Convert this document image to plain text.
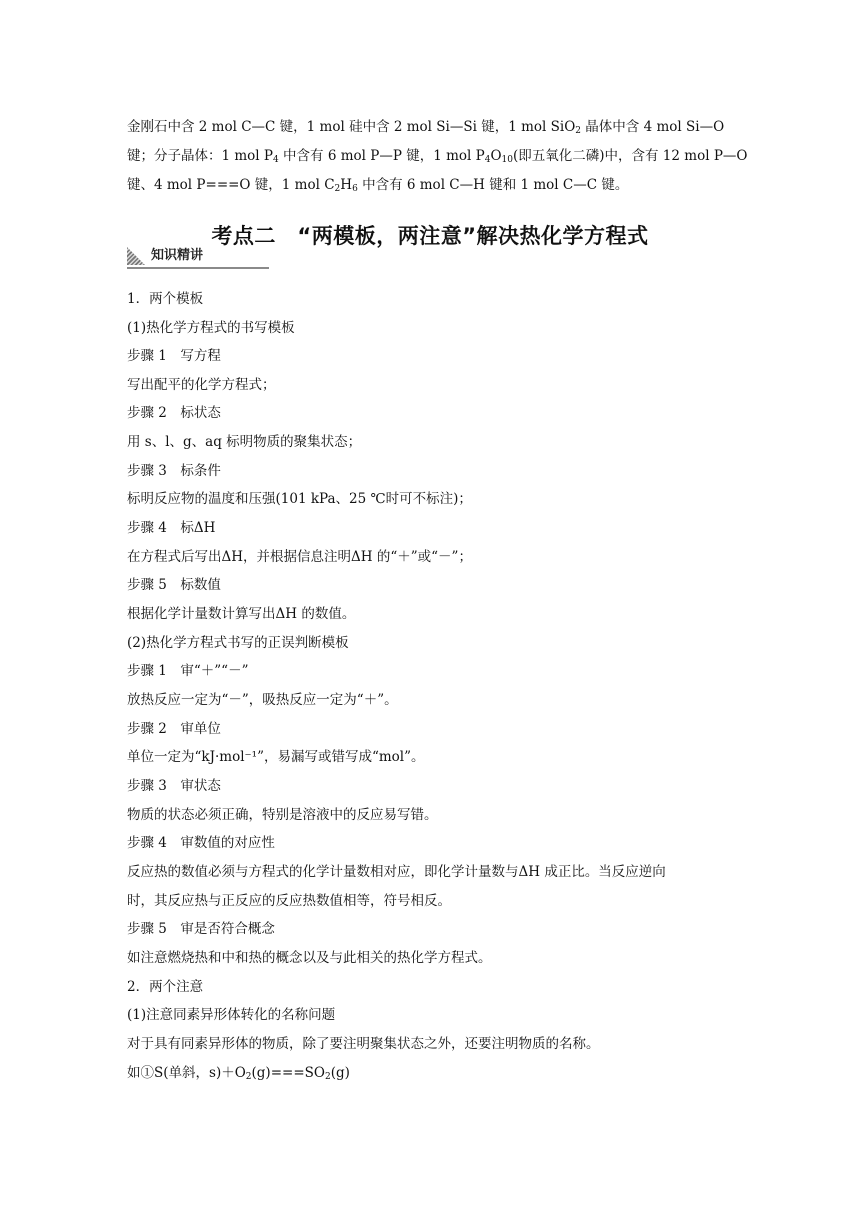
金刚石中含 2 mol C—C 键，1 mol 硅中含 2 mol Si—Si 键，1 mol SiO$_2$ 晶体中含 4 mol Si—O
键；分子晶体：1 mol $P_4$ 中含有 6 mol P—P 键，1 mol $P_4O_{10}$(即五氧化二磷)中，含有 12 mol P—O
键、4 mol P===O 键，1 mol $C_2H_6$ 中含有 6 mol C—H 键和 1 mol C—C 键。
考点二　“两模板，两注意”解决热化学方程式
知识精讲
1．两个模板
(1)热化学方程式的书写模板
步骤 1　写方程
写出配平的化学方程式；
步骤 2　标状态
用 s、l、g、aq 标明物质的聚集状态；
步骤 3　标条件
标明反应物的温度和压强(101 kPa、25 ℃时可不标注)；
步骤 4　标ΔH
在方程式后写出ΔH，并根据信息注明ΔH 的“＋”或“－”；
步骤 5　标数值
根据化学计量数计算写出ΔH 的数值。
(2)热化学方程式书写的正误判断模板
步骤 1　审“＋”“－”
放热反应一定为“－”，吸热反应一定为“＋”。
步骤 2　审单位
单位一定为“kJ·mol⁻¹”，易漏写或错写成“mol”。
步骤 3　审状态
物质的状态必须正确，特别是溶液中的反应易写错。
步骤 4　审数值的对应性
反应热的数值必须与方程式的化学计量数相对应，即化学计量数与ΔH 成正比。当反应逆向
时，其反应热与正反应的反应热数值相等，符号相反。
步骤 5　审是否符合概念
如注意燃烧热和中和热的概念以及与此相关的热化学方程式。
2．两个注意
(1)注意同素异形体转化的名称问题
对于具有同素异形体的物质，除了要注明聚集状态之外，还要注明物质的名称。
如①S(单斜，$s)+O_2(g)===SO_2(g)$
